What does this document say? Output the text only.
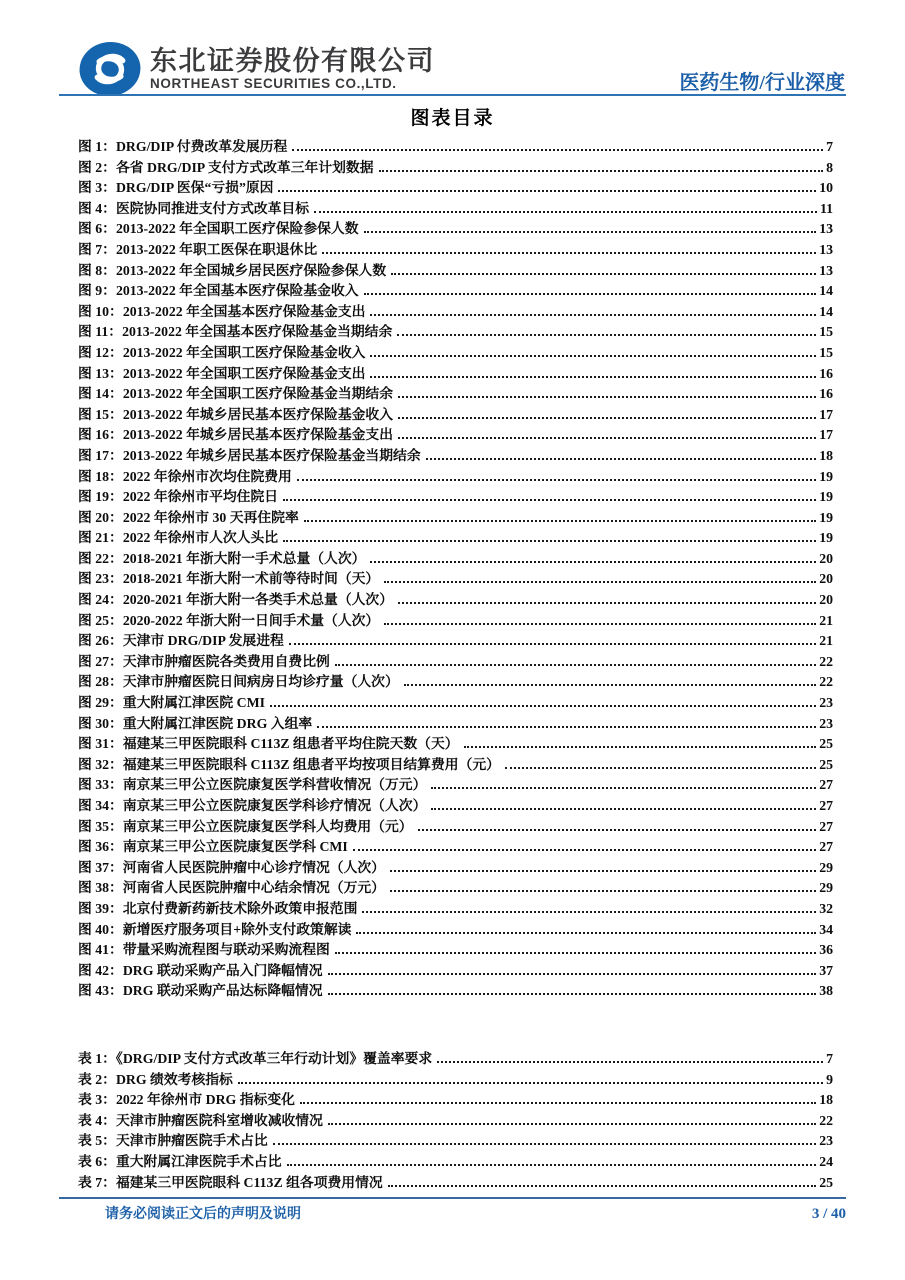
东北证券股份有限公司
NORTHEAST SECURITIES CO.,LTD.	医药生物/行业深度
图表目录
图 1：DRG/DIP 付费改革发展历程	7
图 2：各省 DRG/DIP 支付方式改革三年计划数据	8
图 3：DRG/DIP 医保“亏损”原因	10
图 4：医院协同推进支付方式改革目标	11
图 6：2013-2022 年全国职工医疗保险参保人数	13
图 7：2013-2022 年职工医保在职退休比	13
图 8：2013-2022 年全国城乡居民医疗保险参保人数	13
图 9：2013-2022 年全国基本医疗保险基金收入	14
图 10：2013-2022 年全国基本医疗保险基金支出	14
图 11：2013-2022 年全国基本医疗保险基金当期结余	15
图 12：2013-2022 年全国职工医疗保险基金收入	15
图 13：2013-2022 年全国职工医疗保险基金支出	16
图 14：2013-2022 年全国职工医疗保险基金当期结余	16
图 15：2013-2022 年城乡居民基本医疗保险基金收入	17
图 16：2013-2022 年城乡居民基本医疗保险基金支出	17
图 17：2013-2022 年城乡居民基本医疗保险基金当期结余	18
图 18：2022 年徐州市次均住院费用	19
图 19：2022 年徐州市平均住院日	19
图 20：2022 年徐州市 30 天再住院率	19
图 21：2022 年徐州市人次人头比	19
图 22：2018-2021 年浙大附一手术总量（人次）	20
图 23：2018-2021 年浙大附一术前等待时间（天）	20
图 24：2020-2021 年浙大附一各类手术总量（人次）	20
图 25：2020-2022 年浙大附一日间手术量（人次）	21
图 26：天津市 DRG/DIP 发展进程	21
图 27：天津市肿瘤医院各类费用自费比例	22
图 28：天津市肿瘤医院日间病房日均诊疗量（人次）	22
图 29：重大附属江津医院 CMI	23
图 30：重大附属江津医院 DRG 入组率	23
图 31：福建某三甲医院眼科 C113Z 组患者平均住院天数（天）	25
图 32：福建某三甲医院眼科 C113Z 组患者平均按项目结算费用（元）	25
图 33：南京某三甲公立医院康复医学科营收情况（万元）	27
图 34：南京某三甲公立医院康复医学科诊疗情况（人次）	27
图 35：南京某三甲公立医院康复医学科人均费用（元）	27
图 36：南京某三甲公立医院康复医学科 CMI	27
图 37：河南省人民医院肿瘤中心诊疗情况（人次）	29
图 38：河南省人民医院肿瘤中心结余情况（万元）	29
图 39：北京付费新药新技术除外政策申报范围	32
图 40：新增医疗服务项目+除外支付政策解读	34
图 41：带量采购流程图与联动采购流程图	36
图 42：DRG 联动采购产品入门降幅情况	37
图 43：DRG 联动采购产品达标降幅情况	38
表 1：《DRG/DIP 支付方式改革三年行动计划》覆盖率要求	7
表 2：DRG 绩效考核指标	9
表 3：2022 年徐州市 DRG 指标变化	18
表 4：天津市肿瘤医院科室增收减收情况	22
表 5：天津市肿瘤医院手术占比	23
表 6：重大附属江津医院手术占比	24
表 7：福建某三甲医院眼科 C113Z 组各项费用情况	25
请务必阅读正文后的声明及说明	3 / 40
